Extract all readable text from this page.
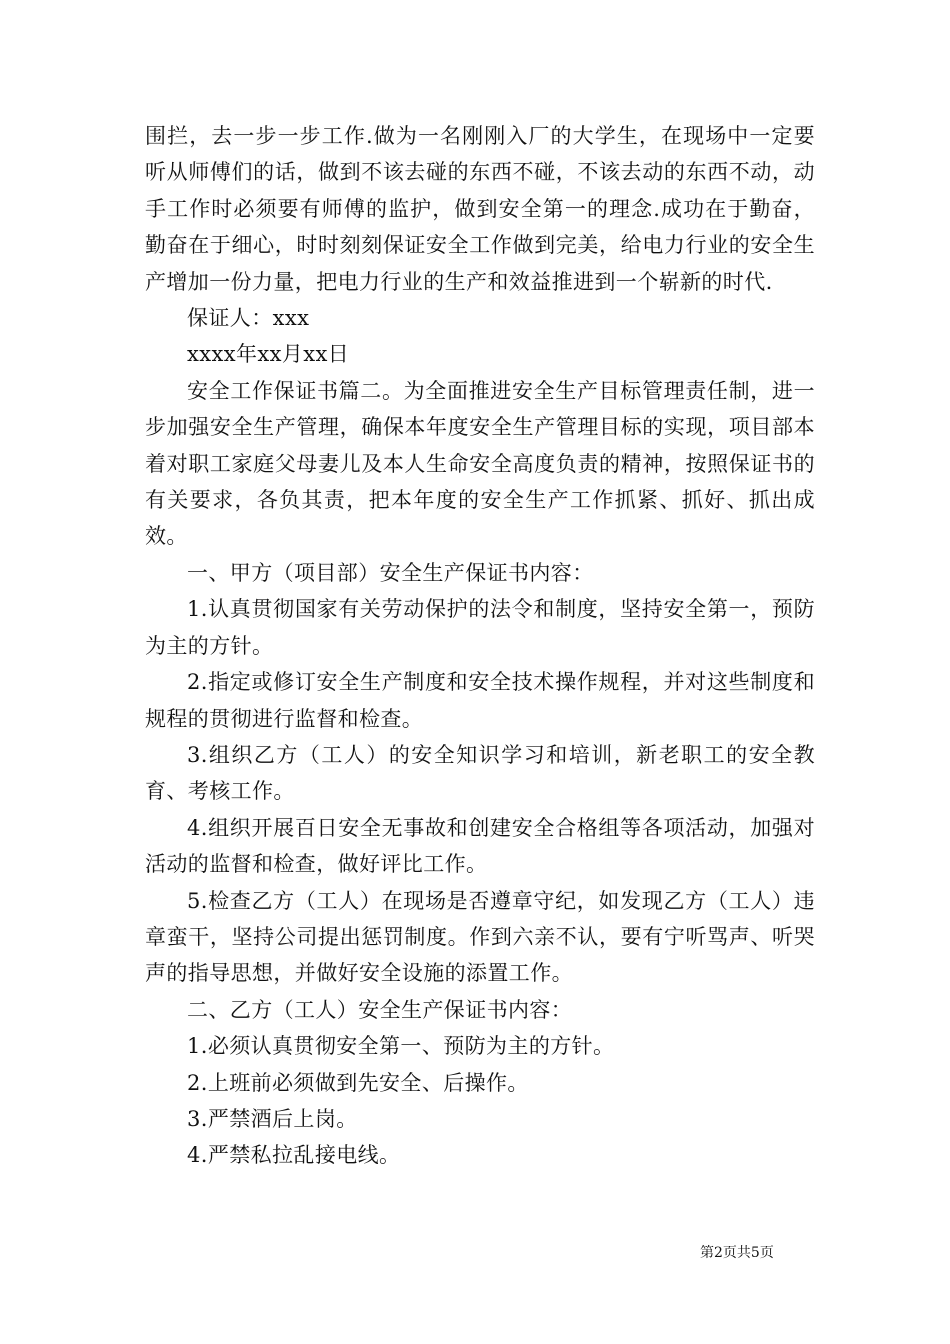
围拦，去一步一步工作.做为一名刚刚入厂的大学生，在现场中一定要听从师傅们的话，做到不该去碰的东西不碰，不该去动的东西不动，动手工作时必须要有师傅的监护，做到安全第一的理念.成功在于勤奋，勤奋在于细心，时时刻刻保证安全工作做到完美，给电力行业的安全生产增加一份力量，把电力行业的生产和效益推进到一个崭新的时代.

保证人：xxx

xxxx年xx月xx日

安全工作保证书篇二。为全面推进安全生产目标管理责任制，进一步加强安全生产管理，确保本年度安全生产管理目标的实现，项目部本着对职工家庭父母妻儿及本人生命安全高度负责的精神，按照保证书的有关要求，各负其责，把本年度的安全生产工作抓紧、抓好、抓出成效。

一、甲方（项目部）安全生产保证书内容：

1.认真贯彻国家有关劳动保护的法令和制度，坚持安全第一，预防为主的方针。

2.指定或修订安全生产制度和安全技术操作规程，并对这些制度和规程的贯彻进行监督和检查。

3.组织乙方（工人）的安全知识学习和培训，新老职工的安全教育、考核工作。

4.组织开展百日安全无事故和创建安全合格组等各项活动，加强对活动的监督和检查，做好评比工作。

5.检查乙方（工人）在现场是否遵章守纪，如发现乙方（工人）违章蛮干，坚持公司提出惩罚制度。作到六亲不认，要有宁听骂声、听哭声的指导思想，并做好安全设施的添置工作。

二、乙方（工人）安全生产保证书内容：

1.必须认真贯彻安全第一、预防为主的方针。

2.上班前必须做到先安全、后操作。

3.严禁酒后上岗。

4.严禁私拉乱接电线。

第2页共5页
